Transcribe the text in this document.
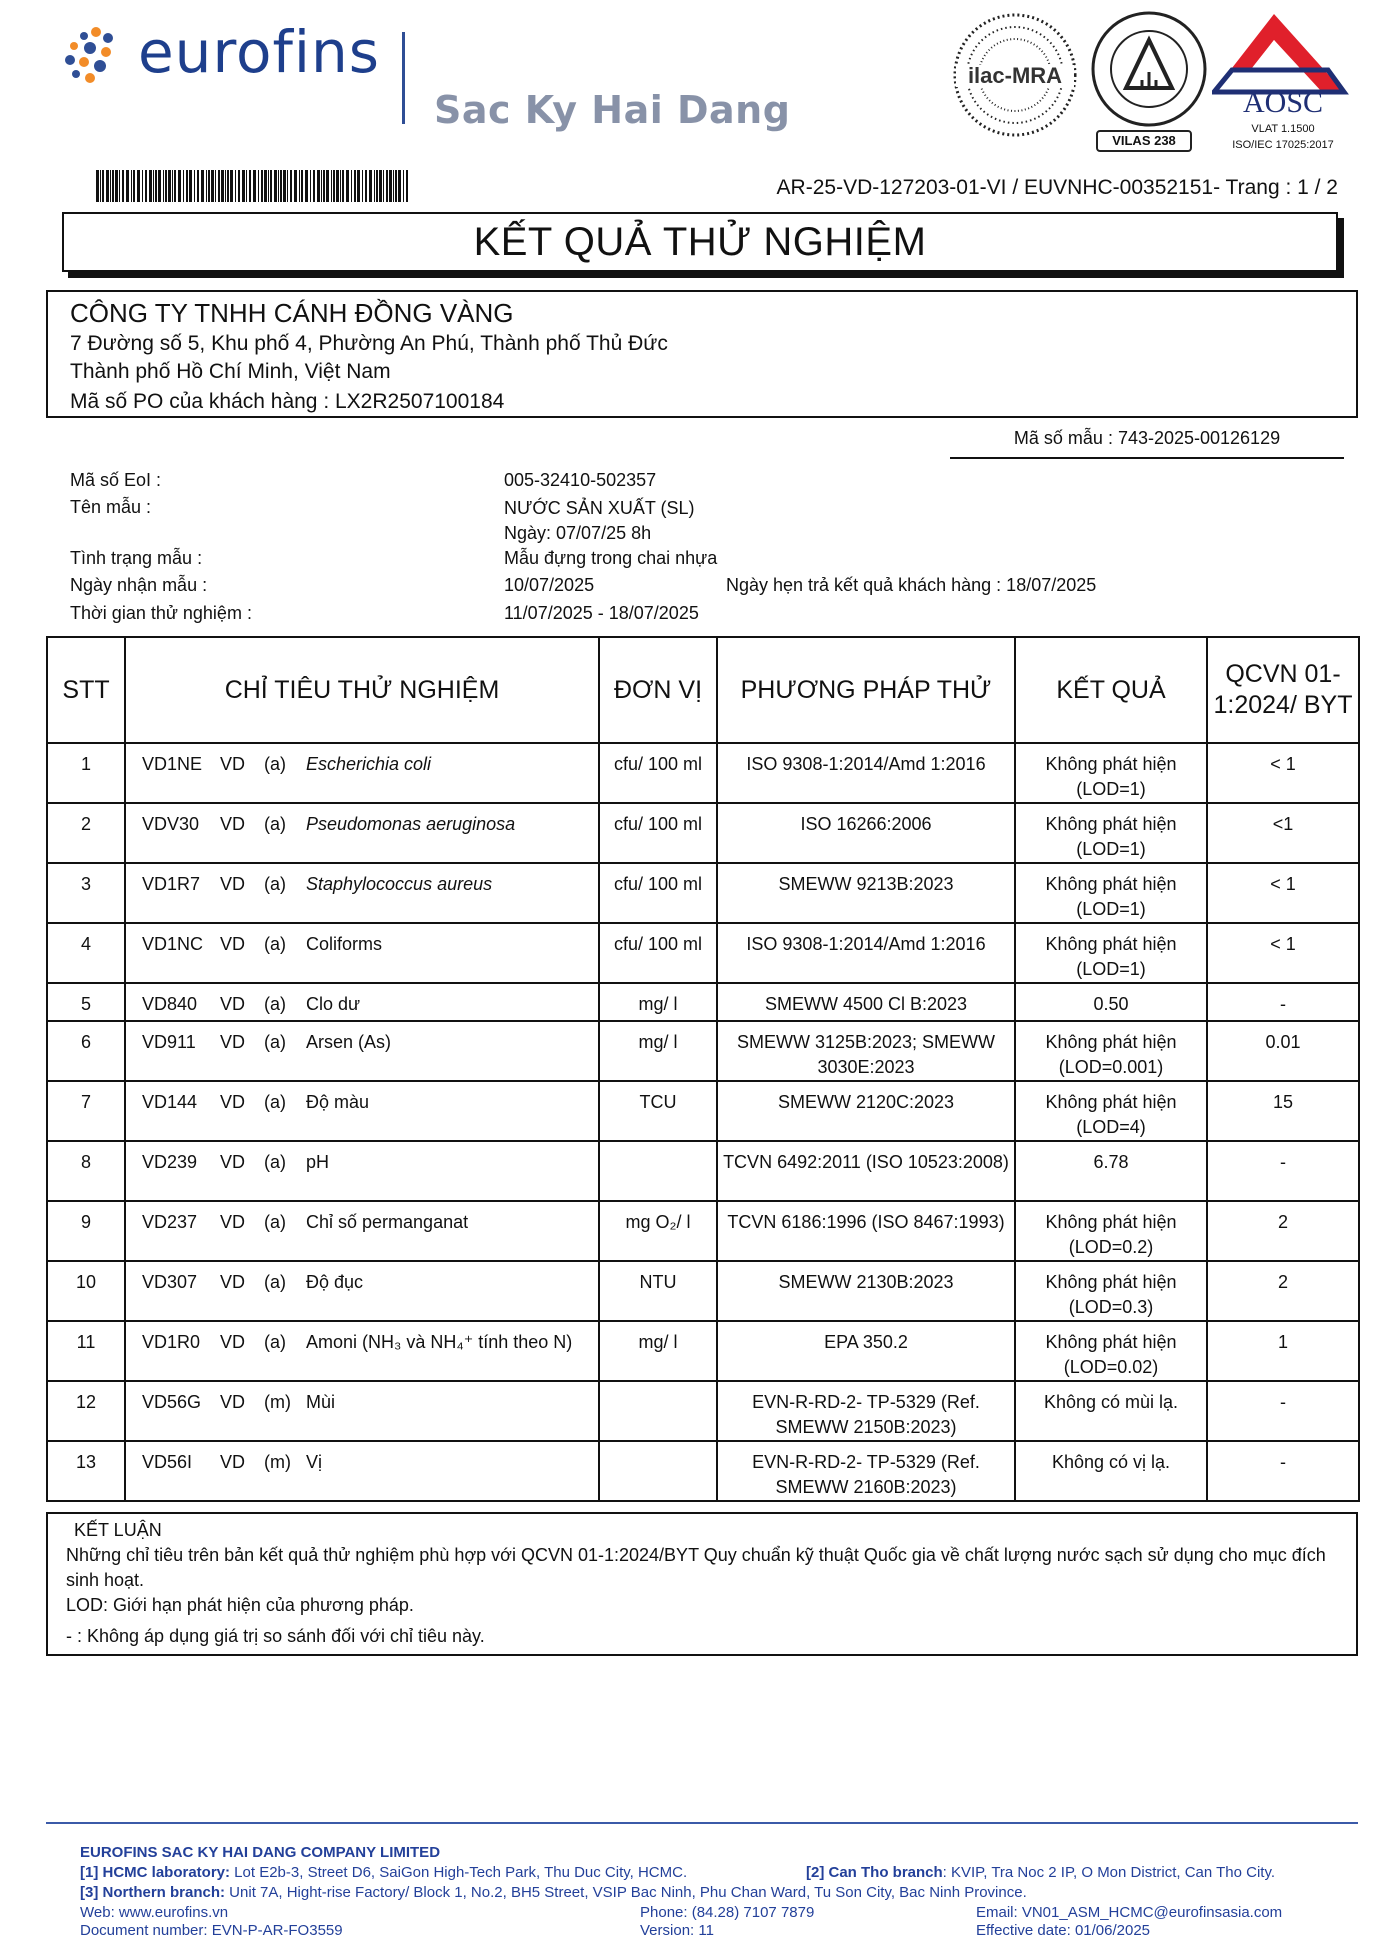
eurofins
Sac Ky Hai Dang
ilac-MRA
VILAS 238
AOSC
VLAT 1.1500
ISO/IEC 17025:2017
AR-25-VD-127203-01-VI / EUVNHC-00352151- Trang : 1 / 2
KẾT QUẢ THỬ NGHIỆM
CÔNG TY TNHH CÁNH ĐỒNG VÀNG
7 Đường số 5, Khu phố 4, Phường An Phú, Thành phố Thủ Đức
Thành phố Hồ Chí Minh, Việt Nam
Mã số PO của khách hàng : LX2R2507100184
Mã số mẫu : 743-2025-00126129
Mã số EoI :	005-32410-502357
Tên mẫu :	NƯỚC SẢN XUẤT (SL)
Ngày: 07/07/25 8h
Tình trạng mẫu :	Mẫu đựng trong chai nhựa
Ngày nhận mẫu :	10/07/2025	Ngày hẹn trả kết quả khách hàng : 18/07/2025
Thời gian thử nghiệm :	11/07/2025 - 18/07/2025
STT	CHỈ TIÊU THỬ NGHIỆM	ĐƠN VỊ	PHƯƠNG PHÁP THỬ	KẾT QUẢ	QCVN 01-1:2024/ BYT
1	VD1NE VD (a) Escherichia coli	cfu/ 100 ml	ISO 9308-1:2014/Amd 1:2016	Không phát hiện (LOD=1)	< 1
2	VDV30 VD (a) Pseudomonas aeruginosa	cfu/ 100 ml	ISO 16266:2006	Không phát hiện (LOD=1)	<1
3	VD1R7 VD (a) Staphylococcus aureus	cfu/ 100 ml	SMEWW 9213B:2023	Không phát hiện (LOD=1)	< 1
4	VD1NC VD (a) Coliforms	cfu/ 100 ml	ISO 9308-1:2014/Amd 1:2016	Không phát hiện (LOD=1)	< 1
5	VD840 VD (a) Clo dư	mg/ l	SMEWW 4500 Cl B:2023	0.50	-
6	VD911 VD (a) Arsen (As)	mg/ l	SMEWW 3125B:2023; SMEWW 3030E:2023	Không phát hiện (LOD=0.001)	0.01
7	VD144 VD (a) Độ màu	TCU	SMEWW 2120C:2023	Không phát hiện (LOD=4)	15
8	VD239 VD (a) pH		TCVN 6492:2011 (ISO 10523:2008)	6.78	-
9	VD237 VD (a) Chỉ số permanganat	mg O₂/ l	TCVN 6186:1996 (ISO 8467:1993)	Không phát hiện (LOD=0.2)	2
10	VD307 VD (a) Độ đục	NTU	SMEWW 2130B:2023	Không phát hiện (LOD=0.3)	2
11	VD1R0 VD (a) Amoni (NH₃ và NH₄⁺ tính theo N)	mg/ l	EPA 350.2	Không phát hiện (LOD=0.02)	1
12	VD56G VD (m) Mùi		EVN-R-RD-2- TP-5329 (Ref. SMEWW 2150B:2023)	Không có mùi lạ.	-
13	VD56I VD (m) Vị		EVN-R-RD-2- TP-5329 (Ref. SMEWW 2160B:2023)	Không có vị lạ.	-
KẾT LUẬN
Những chỉ tiêu trên bản kết quả thử nghiệm phù hợp với QCVN 01-1:2024/BYT Quy chuẩn kỹ thuật Quốc gia về chất lượng nước sạch sử dụng cho mục đích sinh hoạt.
LOD: Giới hạn phát hiện của phương pháp.
- : Không áp dụng giá trị so sánh đối với chỉ tiêu này.
EUROFINS SAC KY HAI DANG COMPANY LIMITED
[1] HCMC laboratory: Lot E2b-3, Street D6, SaiGon High-Tech Park, Thu Duc City, HCMC.	[2] Can Tho branch: KVIP, Tra Noc 2 IP, O Mon District, Can Tho City.
[3] Northern branch: Unit 7A, Hight-rise Factory/ Block 1, No.2, BH5 Street, VSIP Bac Ninh, Phu Chan Ward, Tu Son City, Bac Ninh Province.
Web: www.eurofins.vn	Phone: (84.28) 7107 7879	Email: VN01_ASM_HCMC@eurofinsasia.com
Document number: EVN-P-AR-FO3559	Version: 11	Effective date: 01/06/2025
